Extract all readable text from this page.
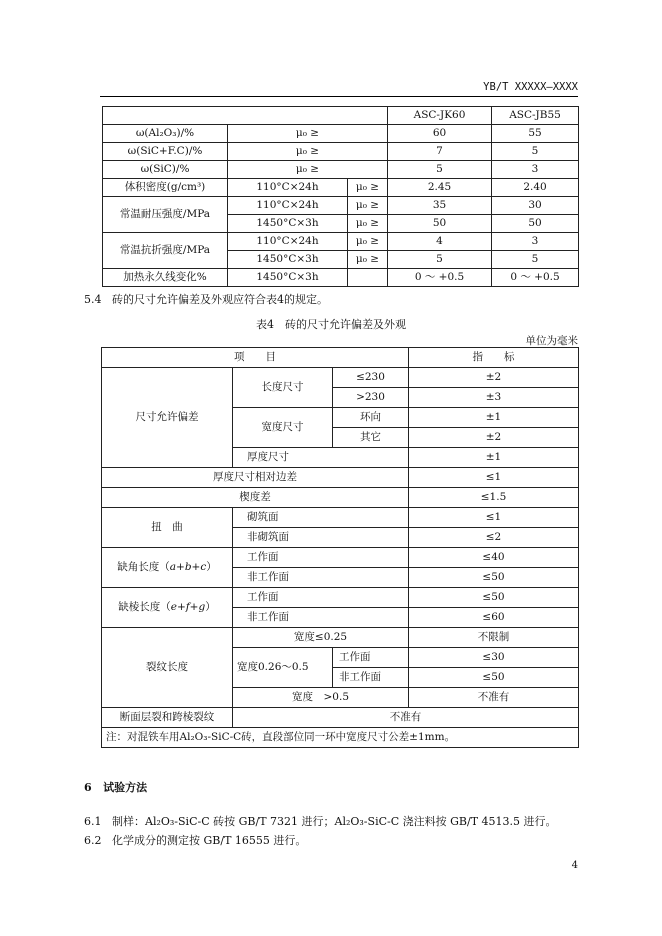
YB/T XXXXX—XXXX
			ASC-JK60	ASC-JB55
ω(Al₂O₃)/%	μ₀ ≥		60	55
ω(SiC+F.C)/%	μ₀ ≥		7	5
ω(SiC)/%	μ₀ ≥		5	3
体积密度(g/cm³)	110°C×24h	μ₀ ≥	2.45	2.40
常温耐压强度/MPa	110°C×24h	μ₀ ≥	35	30
	1450°C×3h	μ₀ ≥	50	50
常温抗折强度/MPa	110°C×24h	μ₀ ≥	4	3
	1450°C×3h	μ₀ ≥	5	5
加热永久线变化%	1450°C×3h		0 ～ +0.5	0 ～ +0.5
5.4 砖的尺寸允许偏差及外观应符合表4的规定。
表4　砖的尺寸允许偏差及外观
单位为毫米
项　　目			指　　标
尺寸允许偏差	长度尺寸	≤230	±2
		>230	±3
	宽度尺寸	环向	±1
		其它	±2
	厚度尺寸		±1
厚度尺寸相对边差			≤1
楔度差			≤1.5
扭　曲	砌筑面		≤1
	非砌筑面		≤2
缺角长度（a+b+c）	工作面		≤40
	非工作面		≤50
缺棱长度（e+f+g）	工作面		≤50
	非工作面		≤60
裂纹长度	宽度≤0.25		不限制
	宽度0.26～0.5	工作面	≤30
		非工作面	≤50
	宽度　>0.5		不准有
断面层裂和跨棱裂纹	不准有		
注：对混铁车用Al₂O₃-SiC-C砖，直段部位同一环中宽度尺寸公差±1mm。			
6 试验方法
6.1 制样：Al₂O₃-SiC-C 砖按 GB/T 7321 进行；Al₂O₃-SiC-C 浇注料按 GB/T 4513.5 进行。
6.2 化学成分的测定按 GB/T 16555 进行。
4
